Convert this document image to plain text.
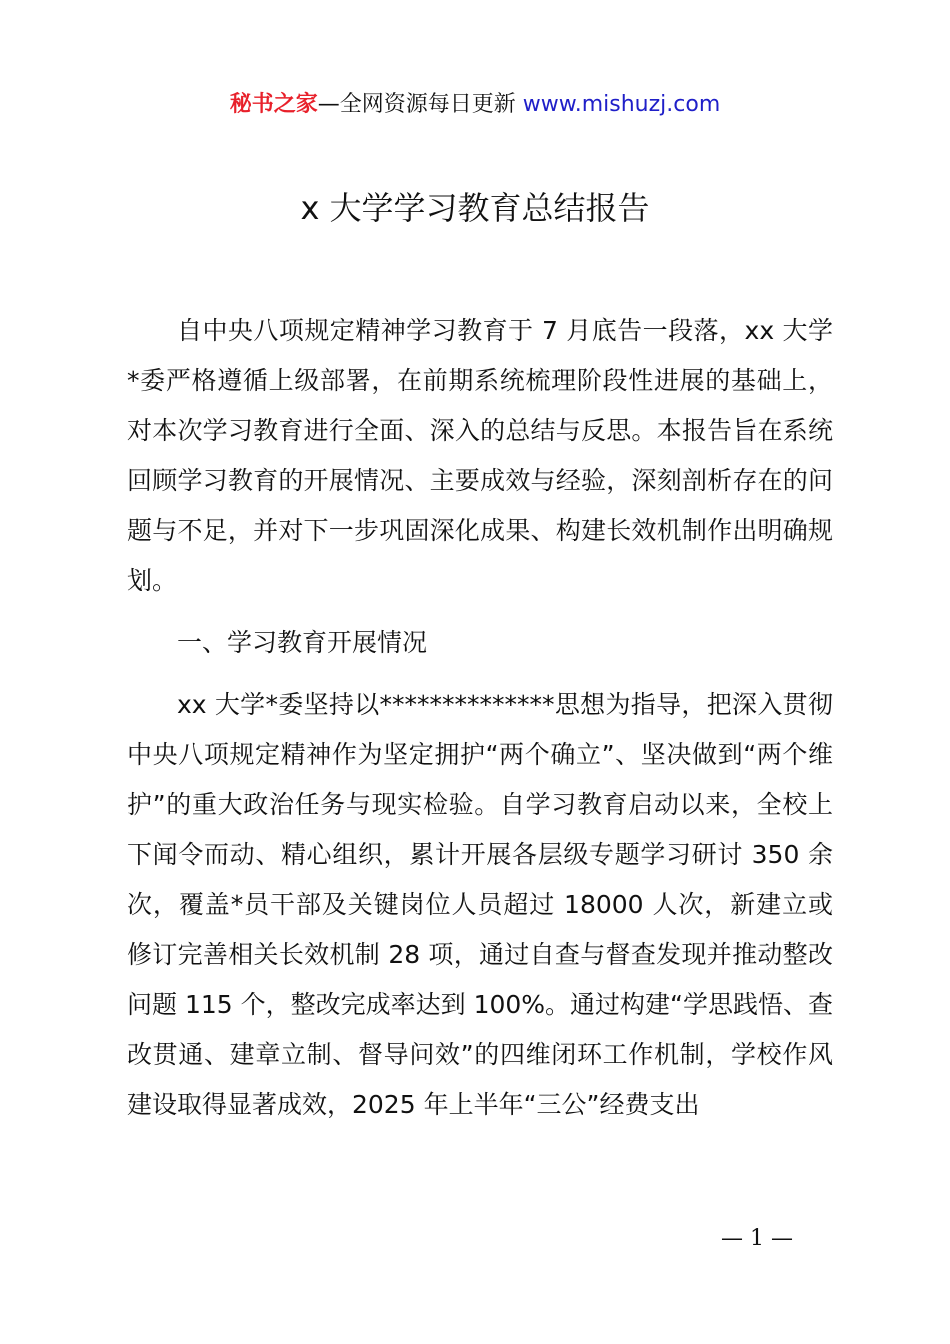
秘书之家—全网资源每日更新 www.mishuzj.com
x 大学学习教育总结报告

自中央八项规定精神学习教育于 7 月底告一段落，xx 大学*委严格遵循上级部署，在前期系统梳理阶段性进展的基础上，对本次学习教育进行全面、深入的总结与反思。本报告旨在系统回顾学习教育的开展情况、主要成效与经验，深刻剖析存在的问题与不足，并对下一步巩固深化成果、构建长效机制作出明确规划。

一、学习教育开展情况

xx 大学*委坚持以**************思想为指导，把深入贯彻中央八项规定精神作为坚定拥护“两个确立”、坚决做到“两个维护”的重大政治任务与现实检验。自学习教育启动以来，全校上下闻令而动、精心组织，累计开展各层级专题学习研讨 350 余次，覆盖*员干部及关键岗位人员超过 18000 人次，新建立或修订完善相关长效机制 28 项，通过自查与督查发现并推动整改问题 115 个，整改完成率达到 100%。通过构建“学思践悟、查改贯通、建章立制、督导问效”的四维闭环工作机制，学校作风建设取得显著成效，2025 年上半年“三公”经费支出

— 1 —
